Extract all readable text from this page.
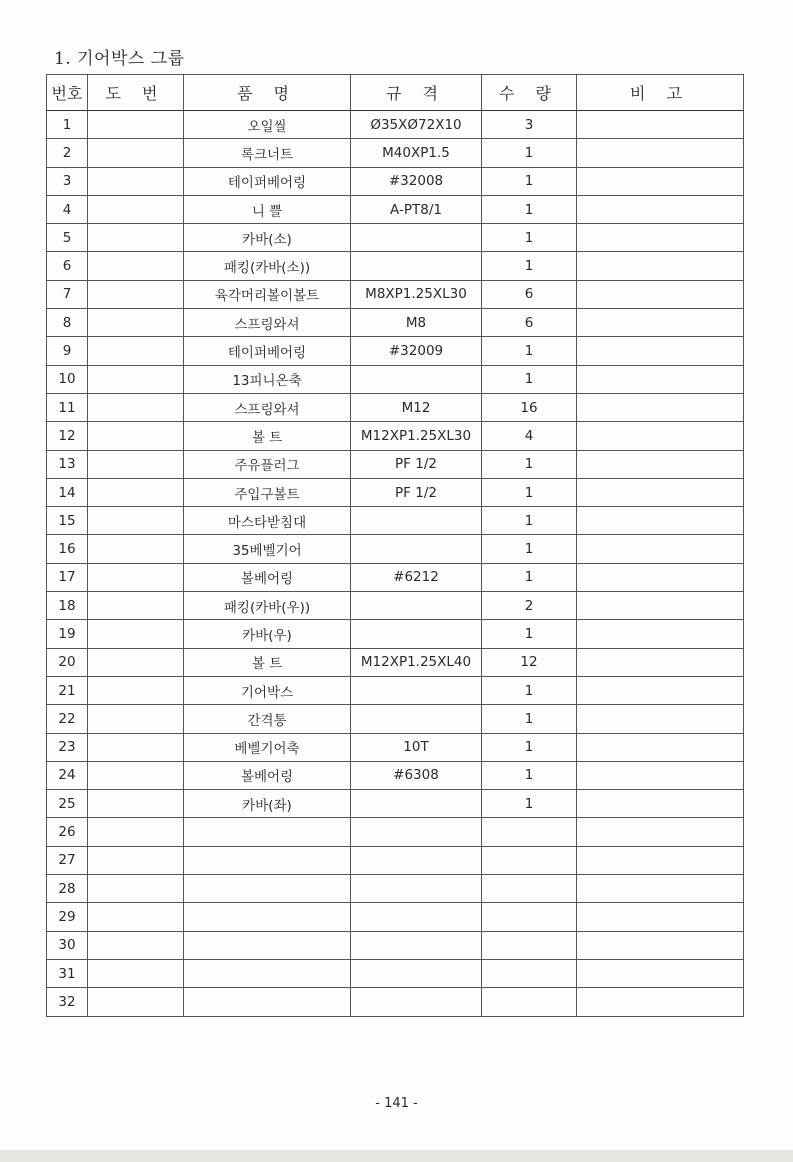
1. 기어박스 그룹
번호	도 번	품 명	규 격	수 량	비 고
1		오일씰	Ø35XØ72X10	3	
2		록크너트	M40XP1.5	1	
3		테이퍼베어링	#32008	1	
4		니 쁠	A-PT8/1	1	
5		카바(소)		1	
6		패킹(카바(소))		1	
7		육각머리볼이볼트	M8XP1.25XL30	6	
8		스프링와셔	M8	6	
9		테이퍼베어링	#32009	1	
10		13피니온축		1	
11		스프링와셔	M12	16	
12		볼 트	M12XP1.25XL30	4	
13		주유플러그	PF 1/2	1	
14		주입구볼트	PF 1/2	1	
15		마스타받침대		1	
16		35베벨기어		1	
17		볼베어링	#6212	1	
18		패킹(카바(우))		2	
19		카바(우)		1	
20		볼 트	M12XP1.25XL40	12	
21		기어박스		1	
22		간격통		1	
23		베벨기어축	10T	1	
24		볼베어링	#6308	1	
25		카바(좌)		1	
26					
27					
28					
29					
30					
31					
32					
- 141 -
